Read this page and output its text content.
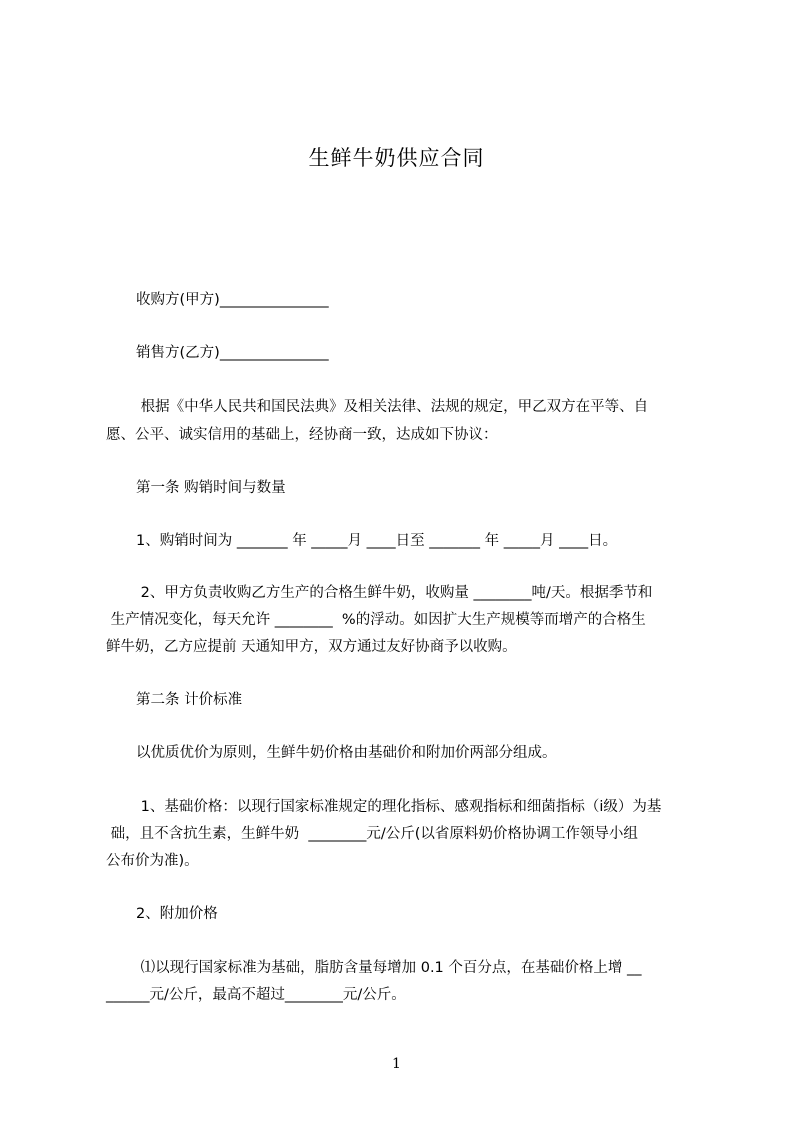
生鲜牛奶供应合同
收购方(甲方)_______________
销售方(乙方)_______________
根据《中华人民共和国民法典》及相关法律、法规的规定，甲乙双方在平等、自
愿、公平、诚实信用的基础上，经协商一致，达成如下协议：
第一条 购销时间与数量
1、购销时间为 _______ 年 _____月 ____日至 _______ 年 _____月 ____日。
2、甲方负责收购乙方生产的合格生鲜牛奶，收购量 ________吨/天。根据季节和
生产情况变化，每天允许 ________  %的浮动。如因扩大生产规模等而增产的合格生
鲜牛奶，乙方应提前 天通知甲方，双方通过友好协商予以收购。
第二条 计价标准
以优质优价为原则，生鲜牛奶价格由基础价和附加价两部分组成。
1、基础价格：以现行国家标准规定的理化指标、感观指标和细菌指标（ⅰ级）为基
础，且不含抗生素，生鲜牛奶  ________元/公斤(以省原料奶价格协调工作领导小组
公布价为准)。
2、附加价格
⑴以现行国家标准为基础，脂肪含量每增加 0.1 个百分点，在基础价格上增 __
______元/公斤，最高不超过________元/公斤。
1
